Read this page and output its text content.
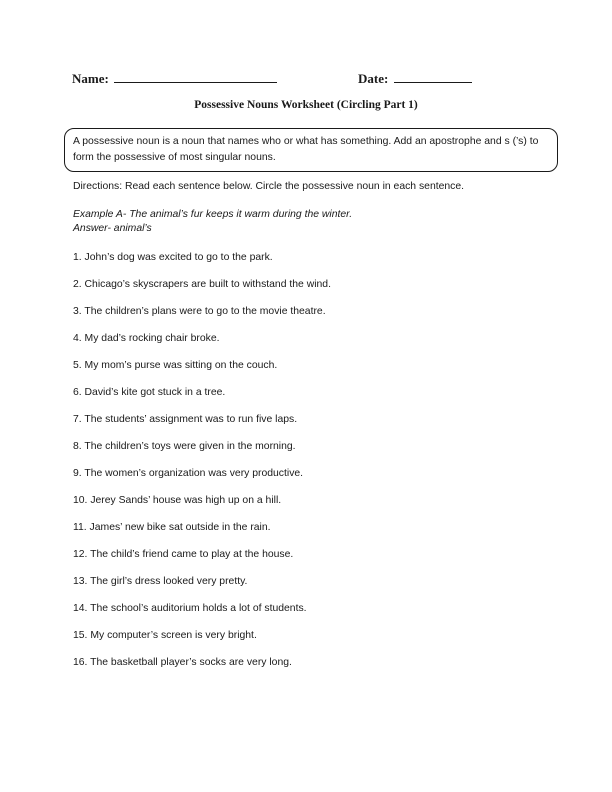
Name:	Date:
Possessive Nouns Worksheet (Circling Part 1)
A possessive noun is a noun that names who or what has something. Add an apostrophe and s (’s) to form the possessive of most singular nouns.
Directions: Read each sentence below. Circle the possessive noun in each sentence.
Example A- The animal’s fur keeps it warm during the winter.
Answer- animal’s
1. John’s dog was excited to go to the park.
2. Chicago’s skyscrapers are built to withstand the wind.
3. The children’s plans were to go to the movie theatre.
4. My dad’s rocking chair broke.
5. My mom’s purse was sitting on the couch.
6. David’s kite got stuck in a tree.
7. The students’ assignment was to run five laps.
8. The children’s toys were given in the morning.
9. The women’s organization was very productive.
10. Jerey Sands’ house was high up on a hill.
11. James’ new bike sat outside in the rain.
12. The child’s friend came to play at the house.
13. The girl’s dress looked very pretty.
14. The school’s auditorium holds a lot of students.
15. My computer’s screen is very bright.
16. The basketball player’s socks are very long.
